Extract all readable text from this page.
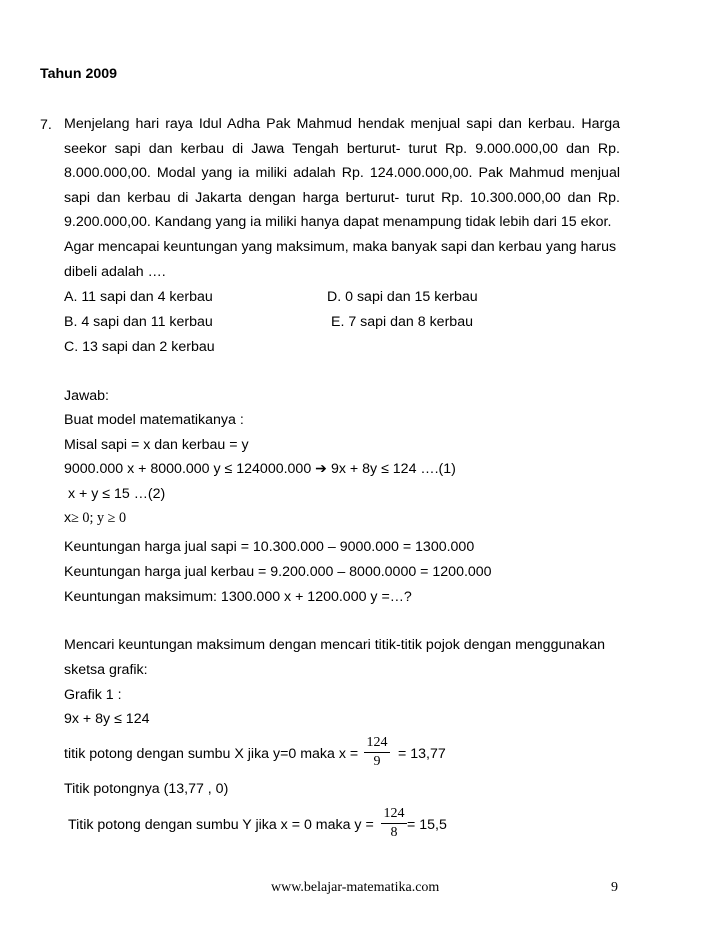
Tahun 2009
7. Menjelang hari raya Idul Adha Pak Mahmud hendak menjual sapi dan kerbau. Harga
seekor sapi dan kerbau di Jawa Tengah berturut- turut Rp. 9.000.000,00 dan Rp.
8.000.000,00. Modal yang ia miliki adalah Rp. 124.000.000,00. Pak Mahmud menjual
sapi dan kerbau di Jakarta dengan harga berturut- turut Rp. 10.300.000,00 dan Rp.
9.200.000,00. Kandang yang ia miliki hanya dapat menampung tidak lebih dari 15 ekor.
Agar mencapai keuntungan yang maksimum, maka banyak sapi dan kerbau yang harus
dibeli adalah ….
A. 11 sapi dan 4 kerbau	D. 0 sapi dan 15 kerbau
B. 4 sapi dan 11 kerbau	E. 7 sapi dan 8 kerbau
C. 13 sapi dan 2 kerbau
Jawab:
Buat model matematikanya :
Misal sapi = x dan kerbau = y
9000.000 x + 8000.000 y ≤ 124000.000 ➔ 9x + 8y ≤ 124 ….(1)
x + y ≤ 15 …(2)
x≥ 0; y ≥ 0
Keuntungan harga jual sapi = 10.300.000 – 9000.000 = 1300.000
Keuntungan harga jual kerbau = 9.200.000 – 8000.0000 = 1200.000
Keuntungan maksimum: 1300.000 x + 1200.000 y =…?
Mencari keuntungan maksimum dengan mencari titik-titik pojok dengan menggunakan
sketsa grafik:
Grafik 1 :
9x + 8y ≤ 124
titik potong dengan sumbu X jika y=0 maka $x = \frac{124}{9} = 13,77$
Titik potongnya (13,77 , 0)
Titik potong dengan sumbu Y jika x = 0 maka $y = \frac{124}{8} = 15,5$
www.belajar-matematika.com	9
